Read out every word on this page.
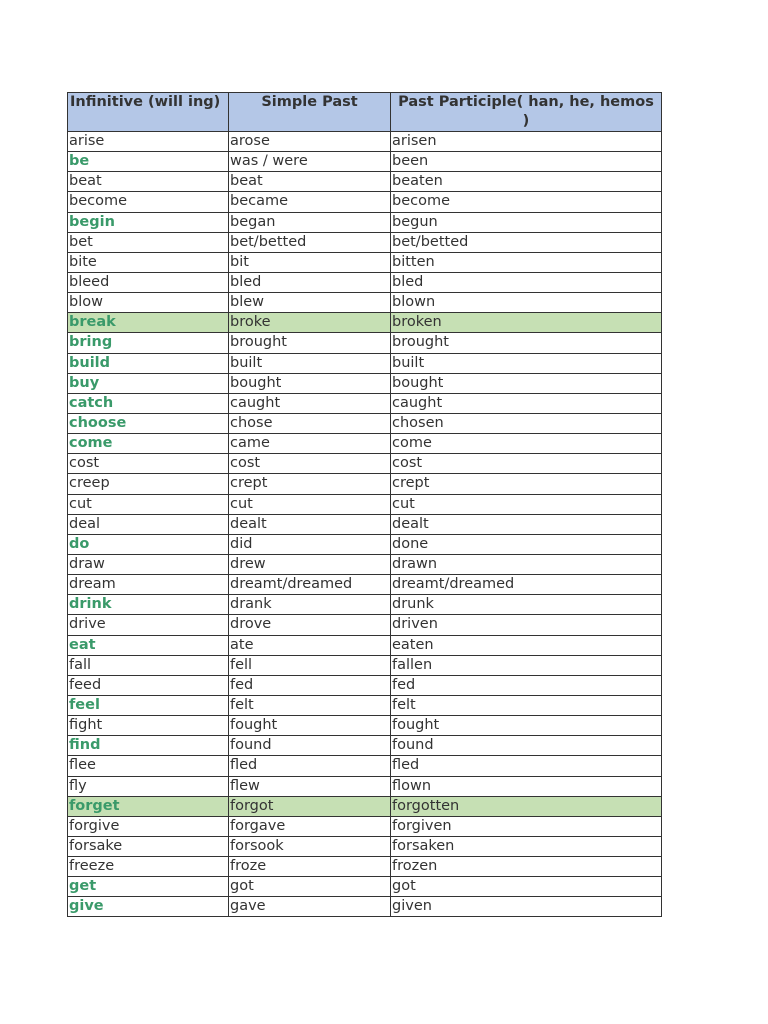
Infinitive (will ing)	Simple Past	Past Participle( han, he, hemos )
arise	arose	arisen
be	was / were	been
beat	beat	beaten
become	became	become
begin	began	begun
bet	bet/betted	bet/betted
bite	bit	bitten
bleed	bled	bled
blow	blew	blown
break	broke	broken
bring	brought	brought
build	built	built
buy	bought	bought
catch	caught	caught
choose	chose	chosen
come	came	come
cost	cost	cost
creep	crept	crept
cut	cut	cut
deal	dealt	dealt
do	did	done
draw	drew	drawn
dream	dreamt/dreamed	dreamt/dreamed
drink	drank	drunk
drive	drove	driven
eat	ate	eaten
fall	fell	fallen
feed	fed	fed
feel	felt	felt
fight	fought	fought
find	found	found
flee	fled	fled
fly	flew	flown
forget	forgot	forgotten
forgive	forgave	forgiven
forsake	forsook	forsaken
freeze	froze	frozen
get	got	got
give	gave	given
